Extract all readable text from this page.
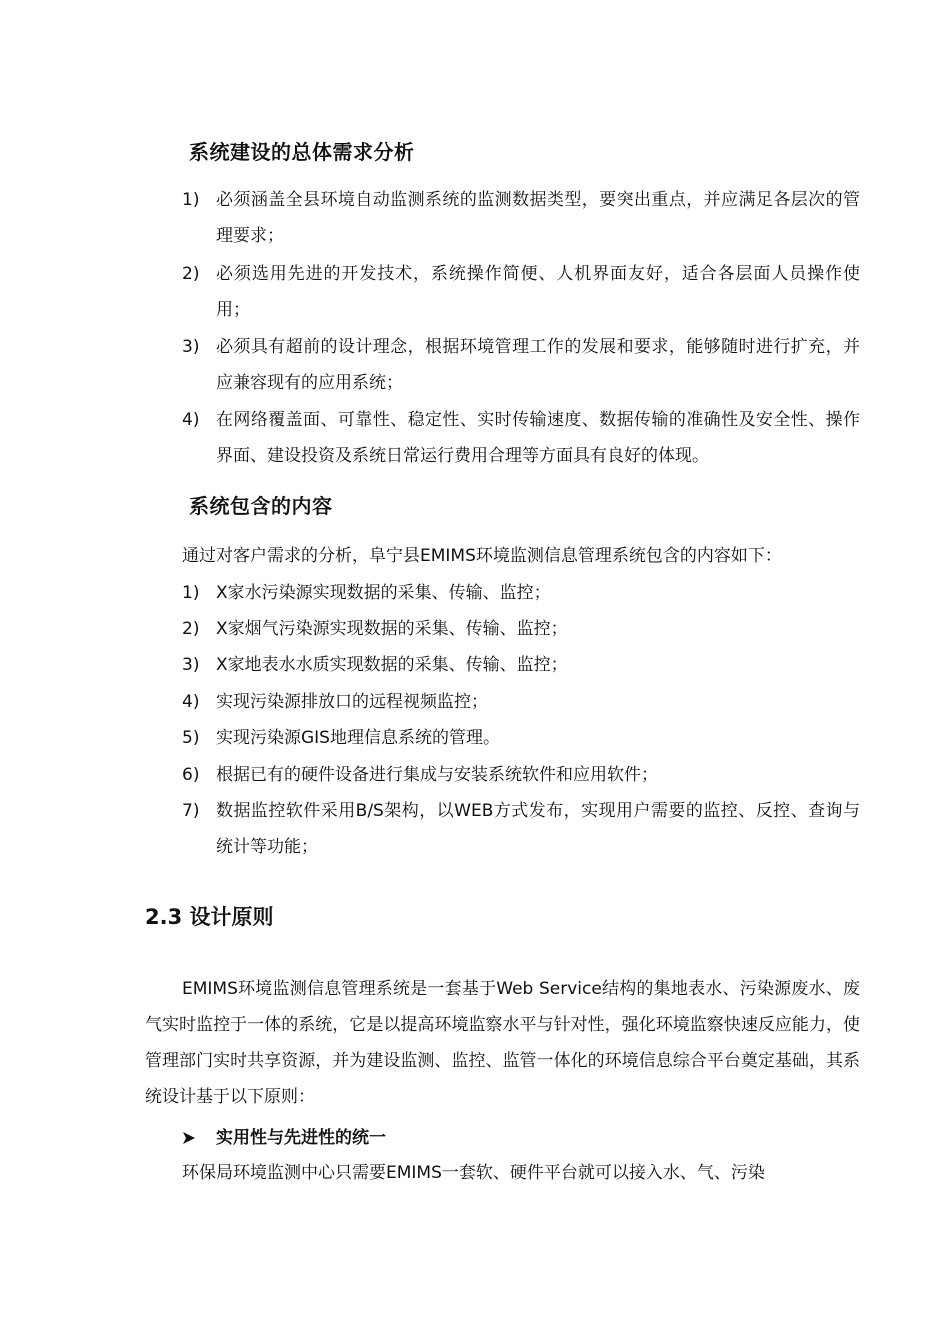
系统建设的总体需求分析
1) 必须涵盖全县环境自动监测系统的监测数据类型，要突出重点，并应满足各层次的管理要求；
2) 必须选用先进的开发技术，系统操作简便、人机界面友好，适合各层面人员操作使用；
3) 必须具有超前的设计理念，根据环境管理工作的发展和要求，能够随时进行扩充，并应兼容现有的应用系统；
4) 在网络覆盖面、可靠性、稳定性、实时传输速度、数据传输的准确性及安全性、操作界面、建设投资及系统日常运行费用合理等方面具有良好的体现。
系统包含的内容
通过对客户需求的分析，阜宁县EMIMS环境监测信息管理系统包含的内容如下：
1) X家水污染源实现数据的采集、传输、监控；
2) X家烟气污染源实现数据的采集、传输、监控；
3) X家地表水水质实现数据的采集、传输、监控；
4) 实现污染源排放口的远程视频监控；
5) 实现污染源GIS地理信息系统的管理。
6) 根据已有的硬件设备进行集成与安装系统软件和应用软件；
7) 数据监控软件采用B/S架构，以WEB方式发布，实现用户需要的监控、反控、查询与统计等功能；
2.3 设计原则
EMIMS环境监测信息管理系统是一套基于Web Service结构的集地表水、污染源废水、废气实时监控于一体的系统，它是以提高环境监察水平与针对性，强化环境监察快速反应能力，使管理部门实时共享资源，并为建设监测、监控、监管一体化的环境信息综合平台奠定基础，其系统设计基于以下原则：
实用性与先进性的统一
环保局环境监测中心只需要EMIMS一套软、硬件平台就可以接入水、气、污染
